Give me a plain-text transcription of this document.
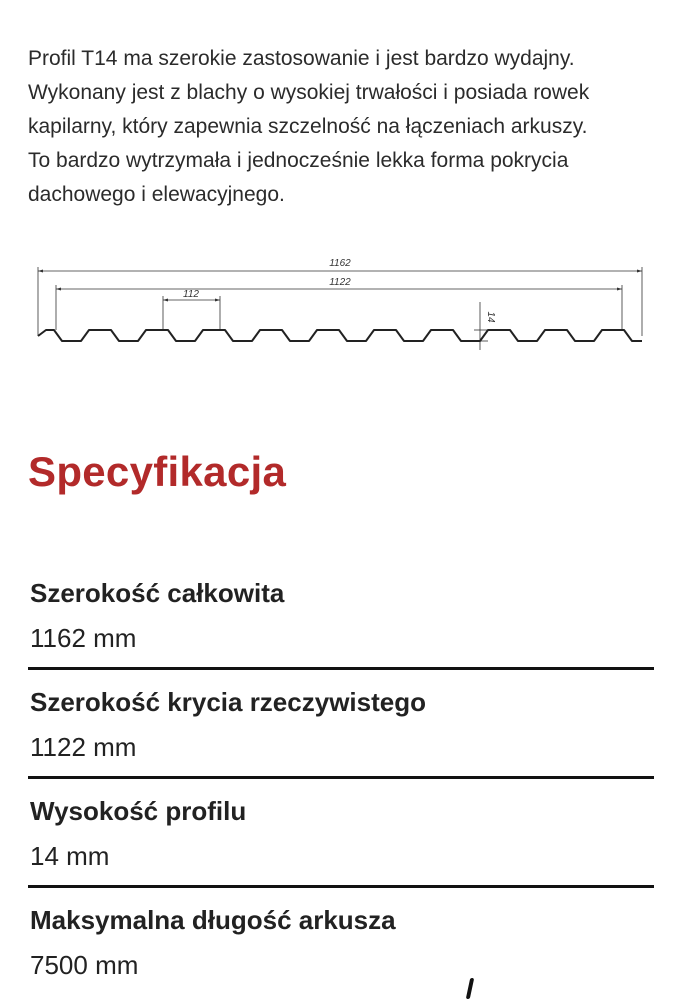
Profil T14 ma szerokie zastosowanie i jest bardzo wydajny.

Wykonany jest z blachy o wysokiej trwałości i posiada rowek

kapilarny, który zapewnia szczelność na łączeniach arkuszy.

To bardzo wytrzymała i jednocześnie lekka forma pokrycia

dachowego i elewacyjnego.

1162
1122
112
14
Specyfikacja
Szerokość całkowita
1162 mm
Szerokość krycia rzeczywistego
1122 mm
Wysokość profilu
14 mm
Maksymalna długość arkusza
7500 mm
